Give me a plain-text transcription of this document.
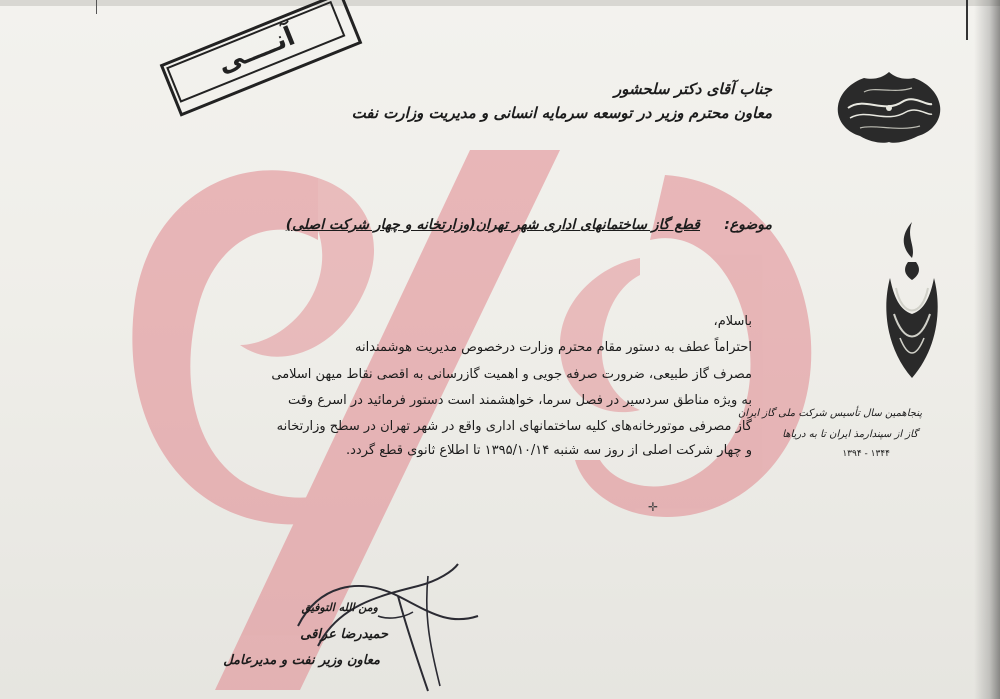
آنــــی
جناب آقای دکتر سلحشور
معاون محترم وزیر در توسعه سرمایه انسانی و مدیریت وزارت نفت
موضوع:
قطع گاز ساختمانهای اداری شهر تهران(وزارتخانه و چهار شرکت اصلی)
باسلام،
احتراماً عطف به دستور مقام محترم وزارت درخصوص مدیریت هوشمندانه
مصرف گاز طبیعی، ضرورت صرفه جویی و اهمیت گازرسانی به اقصی نقاط میهن اسلامی
به ویژه مناطق سردسیر در فصل سرما، خواهشمند است دستور فرمائید در اسرع وقت
گاز مصرفی موتورخانه‌های کلیه ساختمانهای اداری واقع در شهر تهران در سطح وزارتخانه
و چهار شرکت اصلی از روز سه شنبه ۱۳۹۵/۱۰/۱۴ تا اطلاع ثانوی قطع گردد.
پنجاهمین سال تأسیس شرکت ملی گاز ایران
گاز از سپندارمذ ایران تا به دریاها
۱۳۴۴ - ۱۳۹۴
✛
ومن الله التوفیق
حمیدرضا عراقی
معاون وزیر نفت و مدیرعامل
